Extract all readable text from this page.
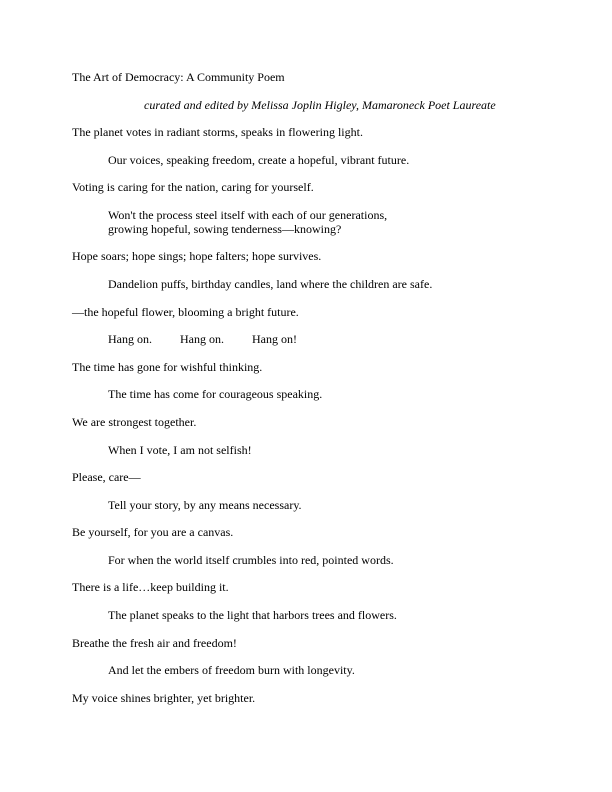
The Art of Democracy: A Community Poem

curated and edited by Melissa Joplin Higley, Mamaroneck Poet Laureate

The planet votes in radiant storms, speaks in flowering light.

Our voices, speaking freedom, create a hopeful, vibrant future.

Voting is caring for the nation, caring for yourself.

Won't the process steel itself with each of our generations,
growing hopeful, sowing tenderness—knowing?

Hope soars; hope sings; hope falters; hope survives.

Dandelion puffs, birthday candles, land where the children are safe.

—the hopeful flower, blooming a bright future.

Hang on. Hang on. Hang on!

The time has gone for wishful thinking.

The time has come for courageous speaking.

We are strongest together.

When I vote, I am not selfish!

Please, care—

Tell your story, by any means necessary.

Be yourself, for you are a canvas.

For when the world itself crumbles into red, pointed words.

There is a life…keep building it.

The planet speaks to the light that harbors trees and flowers.

Breathe the fresh air and freedom!

And let the embers of freedom burn with longevity.

My voice shines brighter, yet brighter.
